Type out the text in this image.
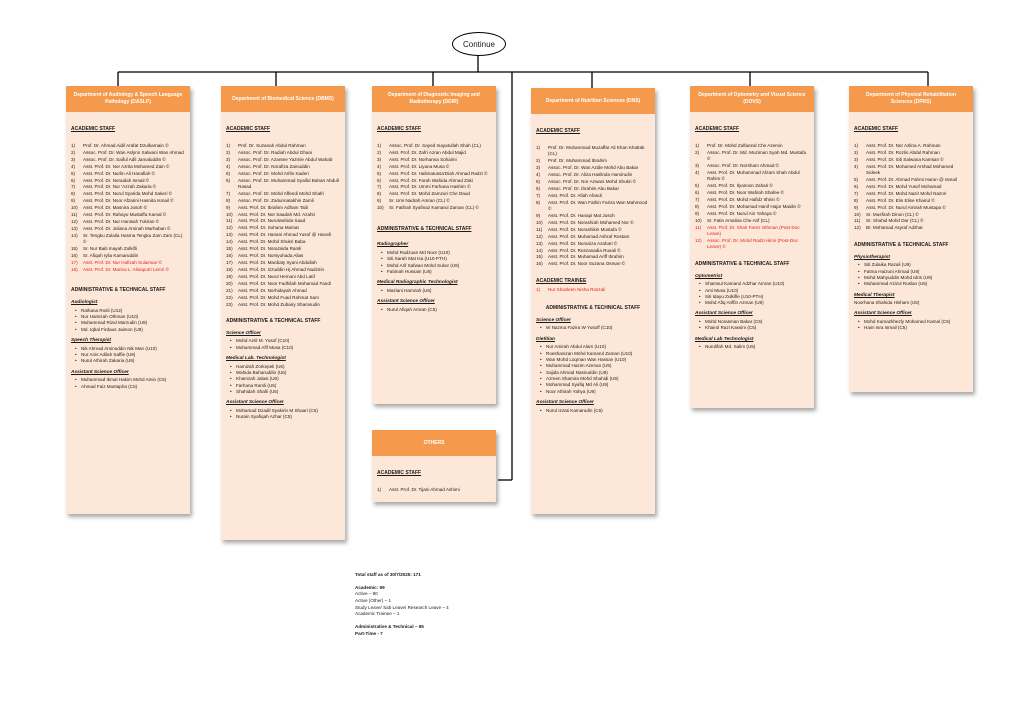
Continue
Department of Audiology & Speech Language Pathology (DASLP)
ACADEMIC STAFF
1)	Prof. Dr. Ahmad Aidil Arafat Dzulkarnain ©
2)	Assoc. Prof. Dr. Wan Aslynn Salwani Wan Ahmad
3)	Assoc. Prof. Dr. Saiful Adli Jamaluddin ©
4)	Asst. Prof. Dr. Nor Azrita Mohamed Zain ©
5)	Asst. Prof. Dr. Nurlin Ali Hanafiah ©
6)	Asst. Prof. Dr. Noraidah Ismail ©
7)	Asst. Prof. Dr. Nur 'Azzah Zakaria ©
8)	Asst. Prof. Dr. Nurul Syarida Mohd Sakeri ©
9)	Asst. Prof. Dr. Noor Afzarini Hasnita Ismail ©
10)	Asst. Prof. Dr. Masnira Jusoh ©
11)	Asst. Prof. Dr. Rahayu Mustaffa Kamal ©
12)	Asst. Prof. Dr. Nur Hanisah Tukiran ©
13)	Asst. Prof. Dr. Juliana Aminah Marhaban ©
14)	Sr. Tengku Zulaila Hasma Tengku Zam Zam (CL) ©
15)	Sr. Nur Baiti Inayah Zulkifli
16)	Sr. Afiqah Iylia Kamaruddin
17)	Asst. Prof. Dr. Nur Hafizah Sulaiman ©
18)	Asst. Prof. Dr. Marina L. Alisaputri Lemri ©
ADMINISTRATIVE & TECHNICAL STAFF
Audiologist
• Raihana Rosli (U12)
• Nur Hamizah Othman (U10)
• Muhammad Rizal Marzudin (U9)
• Md. Iqbal Firdaus Jaimon (U9)
Speech Therapist
• Nik Ahmad Aminuddin Nik Man (U10)
• Nur Anis Adilah Saffie (U9)
• Nurul Athirah Zakaria (U9)
Assistant Science Officer
• Muhammad Ikmal Hakim Mohd Amin (C5)
• Ahmad Faiz Mustapha (C5)
Department of Biomedical Science (DBMS)
ACADEMIC STAFF
1)	Prof. Dr. Suzanah Abdul Rahman
2)	Assoc. Prof. Dr. Radiah Abdul Ghani
3)	Assoc. Prof. Dr. Azantee Yazmie Abdul Wahab
4)	Assoc. Prof. Dr. Norafiza Zainuddin
5)	Assoc. Prof. Dr. Mohd Arifin Kaderi
6)	Assoc. Prof. Dr. Muhammad Syaiful Bahari Abdull Rasad
7)	Assoc. Prof. Dr. Mohd Affendi Mohd Shafri
8)	Assoc. Prof. Dr. Zaitunnatakhin Zamli
9)	Asst. Prof. Dr. Ibrahim Adham Taib
10)	Asst. Prof. Dr. Nor Saadah Md. Azahri
11)	Asst. Prof. Dr. Nurulwahida Saad
12)	Asst. Prof. Dr. Suhana Mamat
13)	Asst. Prof. Dr. Hanani Ahmad Yusof @ Hanafi
14)	Asst. Prof. Dr. Mohd Shukri Baba
15)	Asst. Prof. Dr. Norazsida Ramli
16)	Asst. Prof. Dr. Norsyuhada Alias
17)	Asst. Prof. Dr. Mardiaty Iryani Abdullah
18)	Asst. Prof. Dr. Izzuddin Hj Ahmad Nadzirin
19)	Asst. Prof. Dr. Nurul Hemani Abd Latif
20)	Asst. Prof. Dr. Noor Fadhilah Mohamad Fandi
21)	Asst. Prof. Dr. Norhidayah Ahmad
22)	Asst. Prof. Dr. Mohd Fuad Rahmat Sam
23)	Asst. Prof. Dr. Mohd Zubairy Shamsudin
ADMINISTRATIVE & TECHNICAL STAFF
Science Officer
• Mohd Azril M. Yusof (C10)
• Muhammad Afif Musa (C10)
Medical Lab. Technologist
• Hamizah Zorkepeli (U6)
• Wahida Baharuddin (U6)
• Khamzah Jalasi (U6)
• Farhana Ramli (U5)
• Shahidah Shafii (U5)
Assistant Science Officer
• Mohamad Dzadil Syakirin M Shaari (C6)
• Nurain Syafiqah Azhar (C5)
Department of Diagnostic Imaging and Radiotherapy (DDIR)
ACADEMIC STAFF
1)	Assoc. Prof. Dr. Sayed Inayatullah Shah (CL)
2)	Asst. Prof. Dr. Zafri Azran Abdul Majid
3)	Asst. Prof. Dr. Norhanna Sohaimi
4)	Asst. Prof. Dr. Liyana Musa ©
5)	Asst. Prof. Dr. Halimatussa'Diah Ahmad Radzi ©
6)	Asst. Prof. Dr. Farah Wahida Ahmad Zaki
7)	Asst. Prof. Dr. Ummi Farhana Hashim ©
8)	Asst. Prof. Dr. Mohd Zamzuri Che Daud
9)	Sr. Umi Nadrah Amran (CL) ©
10)	Sr. Fatihah Syafinaz Kamarul Zaman (CL) ©
ADMINISTRATIVE & TECHNICAL STAFF
Radiographer
• Mohd Radzuan Md Noor (U10)
• Siti Sarah Mat Isa (U10-PTH)
• Mohd Arif Safwan Mohd Sukor (U9)
• Fatimah Hussain (U6)
Medical Radiographic Technologist
• Maziani Hamzah (U6)
Assistant Science Officer
• Nurul Afiqah Amran (C5)
OTHERS
ACADEMIC STAFF
1)	Asst. Prof. Dr. Tijani Ahmad Ashimi
Department of Nutrition Sciences (DNS)
ACADEMIC STAFF
1)	Prof. Dr. Muhammad Muzaffar Ali Khan Khattak (CL)
2)	Prof. Dr. Muhammad Ibrahim
3)	Assoc. Prof. Dr. Wan Azdie Mohd Abu Bakar
4)	Assoc. Prof. Dr. Aliza Haslinda Hamirudin
5)	Assoc. Prof. Dr. Nor Azwani Mohd Shukri ©
6)	Assoc. Prof. Dr. Ibrahim Abu Bakar
7)	Asst. Prof. Dr. Afiah Afandi
8)	Asst. Prof. Dr. Wan Fathin Fariza Wan Mahmood ©
9)	Asst. Prof. Dr. Hanapi Mat Jusoh
10)	Asst. Prof. Dr. Norashiah Mohamed Nor ©
11)	Asst. Prof. Dr. Norashikin Mustafa ©
12)	Asst. Prof. Dr. Muhamad Ashraf Rostam
13)	Asst. Prof. Dr. Nuraniza Azahari ©
14)	Asst. Prof. Dr. Roszanadia Rusali ©
15)	Asst. Prof. Dr. Muhamad Ariff Ibrahim
16)	Asst. Prof. Dr. Noor Suzana Osman ©
ACADEMIC TRAINEE
1)	Nur Shazleen Nisha Roszali
ADMINISTRATIVE & TECHNICAL STAFF
Science Officer
• W Nazma Fazira W Yusoff (C10)
Dietitian
• Nur Amirah Abdul Alam (U10)
• Roeshanizan Mohd Kamarul Zaman (U10)
• Wan Mohd Loqman Wan Hassan (U10)
• Muhammad Hazim Azenan (U9)
• Sajida Ahmad Nasiruddin (U9)
• Azreen Shamira Mohd Shahidi (U9)
• Mohammad Syafiq Md Ali (U9)
• Noor Athirah Yahya (U9)
Assistant Science Officer
• Nurul Izzati Kamarudin (C6)
Department of Optometry and Visual Science (DOVS)
ACADEMIC STAFF
1)	Prof. Dr. Mohd Zulfaezal Che Azemin
2)	Assoc. Prof. Dr. Md. Muziman Syah Md. Mustafa ©
3)	Assoc. Prof. Dr. Norsham Ahmad ©
4)	Asst. Prof. Dr. Muhammad Afzam Shah Abdul Rahim ©
5)	Asst. Prof. Dr. Ilyanoon Zahari ©
6)	Asst. Prof. Dr. Noor Wafirah Shafee ©
7)	Asst. Prof. Dr. Mohd Hafidz Ithnin ©
8)	Asst. Prof. Dr. Mohamad Hanif Hajar Maidin ©
9)	Asst. Prof. Dr. Nurul Ain Yahaya ©
10)	Sr. Fatin Amalina Che Arif (CL)
11)	Asst. Prof. Dr. Shah Farez Othman (Post-Doc Leave)
12)	Assoc. Prof. Dr. Mohd Radzi Hilmi (Post-Doc Leave) ©
ADMINISTRATIVE & TECHNICAL STAFF
Optometrist
• Shamsul Kamarul Adzhar Amran (U10)
• Ami Musa (U10)
• Siti Idayu Zulkifle (U10-PTH)
• Mohd Afiq Ariffin Azman (U9)
Assistant Science Officer
• Mohd Norasman Bakar (C5)
• Khairol Razi Kassim (C5)
Medical Lab Technologist
• Nurulifah Md. Salim (U5)
Department of Physical Rehabilitation Sciences (DPRS)
ACADEMIC STAFF
1)	Asst. Prof. Dr. Nor Azlina A. Rahman
2)	Asst. Prof. Dr. Rozlin Abdul Rahman
3)	Asst. Prof. Dr. Siti Salwana Kamsan ©
4)	Asst. Prof. Dr. Mohamed Arshad Mohamed Sideek
5)	Asst. Prof. Dr. Ahmad Fahmi Harun @ Ismail
6)	Asst. Prof. Dr. Mohd Yusof Mohamad
7)	Asst. Prof. Dr. Mohd Nazir Mohd Nazori
8)	Asst. Prof. Dr. Elin Elise Khairul ©
9)	Asst. Prof. Dr. Nurul Amirah Mustapa ©
10)	Sr. Musfirah Dinon (CL) ©
11)	Sr. Shahid Mohd Dar (CL) ©
12)	Br. Mohamad Asyraf Adzhar
ADMINISTRATIVE & TECHNICAL STAFF
Physiotherapist
• Siti Zulaika Razali (U9)
• Fatma Haizuni Ahmad (U9)
• Mohd Mahyuddin Mohd Idris (U9)
• Muhammad Azizul Ruslan (U5)
Medical Therapist
Noorhana Shahida Hisham (U5)
Assistant Science Officer
• Mohd Kamazkhezly Mohamed Kamal (C6)
• Haini Isra Ismail (C5)
Total staff as of 30/7/2025: 171
Academic: 99
Active – 90
Active (Other) – 1
Study Leave/ Sab Leave/ Research Leave – 4
Academic Trainee – 1
Administrative & Technical – 65
Part-Time - 7
